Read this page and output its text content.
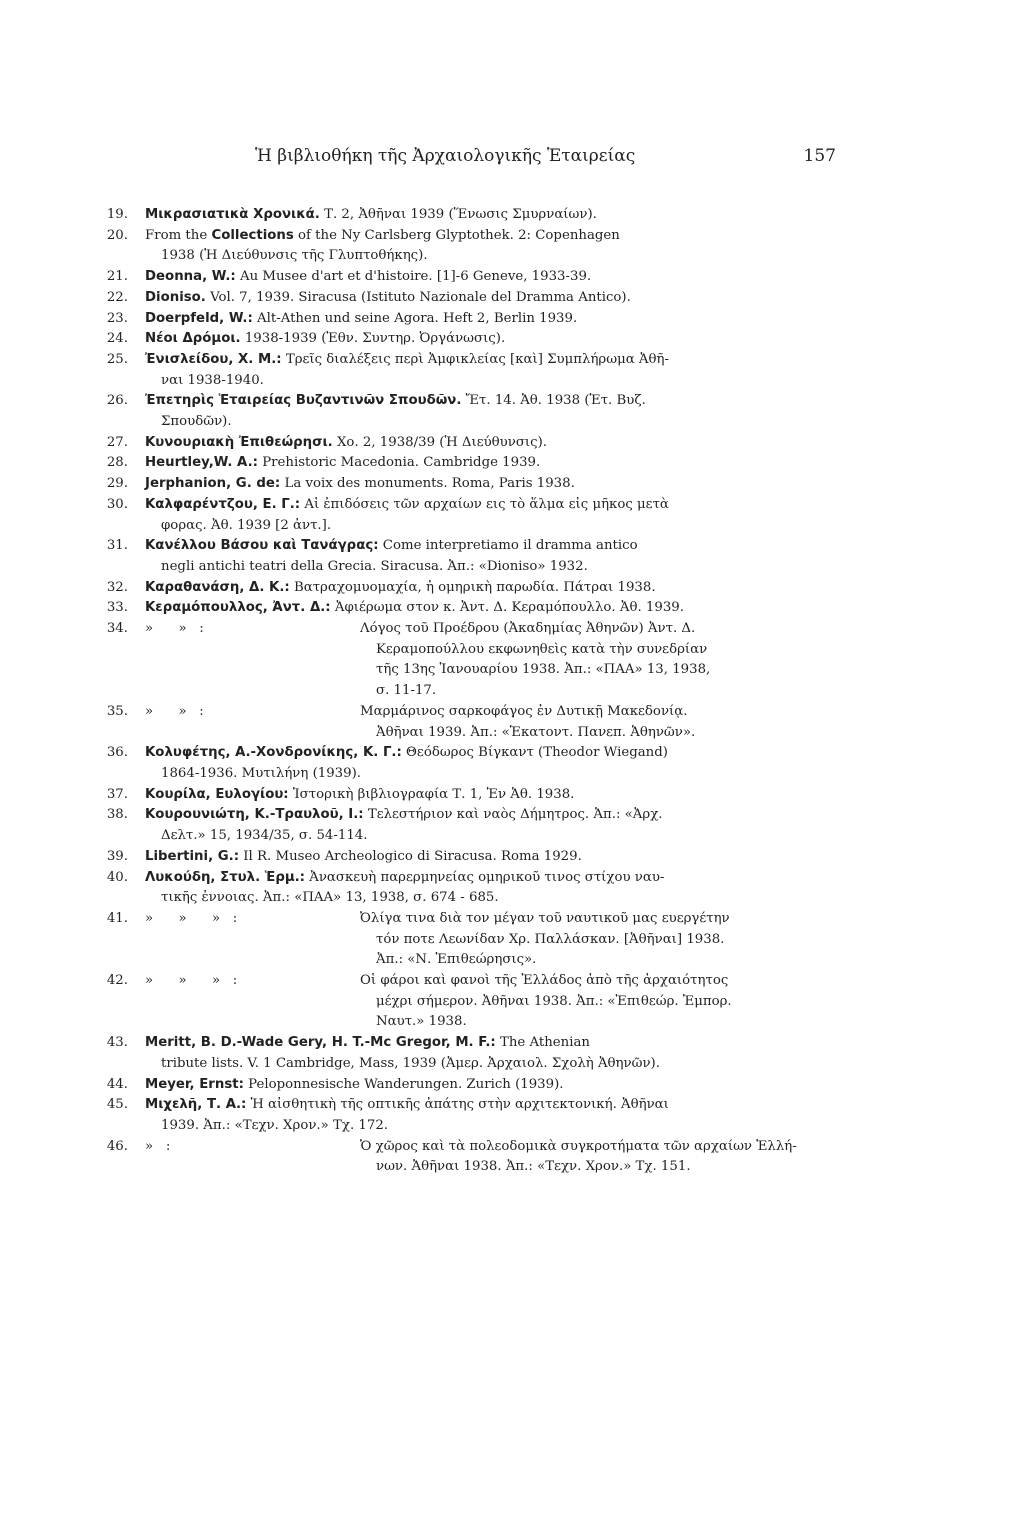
Ἡ βιβλιοθήκη τῆς Ἀρχαιολογικῆς Ἑταιρείας	157
19. Μικρασιατικὰ Χρονικά. Τ. 2, Ἀθῆναι 1939 (Ἕνωσις Σμυρναίων).
20. From the Collections of the Ny Carlsberg Glyptothek. 2: Copenhagen
1938 (Ἡ Διεύθυνσις τῆς Γλυπτοθήκης).
21. Deonna, W.: Au Musee d'art et d'histoire. [1]-6 Geneve, 1933-39.
22. Dioniso. Vol. 7, 1939. Siracusa (Istituto Nazionale del Dramma Antico).
23. Doerpfeld, W.: Alt-Athen und seine Agora. Heft 2, Berlin 1939.
24. Νέοι Δρόμοι. 1938-1939 (Ἐθν. Συντηρ. Ὀργάνωσις).
25. Ἐνισλείδου, Χ. Μ.: Τρεῖς διαλέξεις περὶ Ἀμφικλείας [καὶ] Συμπλήρωμα Ἀθῆ-
ναι 1938-1940.
26. Ἐπετηρὶς Ἑταιρείας Βυζαντινῶν Σπουδῶν. Ἔτ. 14. Ἀθ. 1938 (Ἑτ. Βυζ.
Σπουδῶν).
27. Κυνουριακὴ Ἐπιθεώρησι. Χο. 2, 1938/39 (Ἡ Διεύθυνσις).
28. Heurtley,W. A.: Prehistoric Macedonia. Cambridge 1939.
29. Jerphanion, G. de: La voix des monuments. Roma, Paris 1938.
30. Καλφαρέντζου, Ε. Γ.: Αἱ ἐπιδόσεις τῶν αρχαίων εις τὸ ἅλμα εἰς μῆκος μετὰ
φορας. Ἀθ. 1939 [2 ἀντ.].
31. Κανέλλου Βάσου καὶ Τανάγρας: Come interpretiamo il dramma antico
negli antichi teatri della Grecia. Siracusa. Ἀπ.: «Dioniso» 1932.
32. Καραθανάση, Δ. Κ.: Βατραχομυομαχία, ἡ ομηρικὴ παρωδία. Πάτραι 1938.
33. Κεραμόπουλλος, Ἀντ. Δ.: Ἀφιέρωμα στον κ. Ἀντ. Δ. Κεραμόπουλλο. Ἀθ. 1939.
34. »      »   :	Λόγος τοῦ Προέδρου (Ἀκαδημίας Ἀθηνῶν) Ἀντ. Δ.
Κεραμοπούλλου εκφωνηθεὶς κατὰ τὴν συνεδρίαν
τῆς 13ης Ἰανουαρίου 1938. Ἀπ.: «ΠΑΑ» 13, 1938,
σ. 11-17.
35. »      »   :	Μαρμάρινος σαρκοφάγος ἐν Δυτικῇ Μακεδονίᾳ.
Ἀθῆναι 1939. Ἀπ.: «Ἑκατοντ. Πανεπ. Ἀθηνῶν».
36. Κολυφέτης, Α.-Χονδρονίκης, Κ. Γ.: Θεόδωρος Βίγκαντ (Theodor Wiegand)
1864-1936. Μυτιλήνη (1939).
37. Κουρίλα, Ευλογίου: Ἱστορικὴ βιβλιογραφία Τ. 1, Ἐν Ἀθ. 1938.
38. Κουρουνιώτη, Κ.-Τραυλοῦ, Ι.: Τελεστήριον καὶ ναὸς Δήμητρος. Ἀπ.: «Ἀρχ.
Δελτ.» 15, 1934/35, σ. 54-114.
39. Libertini, G.: Il R. Museo Archeologico di Siracusa. Roma 1929.
40. Λυκούδη, Στυλ. Ἑρμ.: Ἀνασκευὴ παρερμηνείας ομηρικοῦ τινος στίχου ναυ-
τικῆς ἐννοιας. Ἀπ.: «ΠΑΑ» 13, 1938, σ. 674 - 685.
41. »      »      »   :	Ὀλίγα τινα διὰ τον μέγαν τοῦ ναυτικοῦ μας ευεργέτην
τόν ποτε Λεωνίδαν Χρ. Παλλάσκαν. [Ἀθῆναι] 1938.
Ἀπ.: «Ν. Ἐπιθεώρησις».
42. »      »      »   :	Οἱ φάροι καὶ φανοὶ τῆς Ἑλλάδος ἀπὸ τῆς ἀρχαιότητος
μέχρι σήμερον. Ἀθῆναι 1938. Ἀπ.: «Ἐπιθεώρ. Ἐμπορ.
Ναυτ.» 1938.
43. Meritt, B. D.-Wade Gery, H. T.-Mc Gregor, M. F.: The Athenian
tribute lists. V. 1 Cambridge, Mass, 1939 (Ἀμερ. Ἀρχαιολ. Σχολὴ Ἀθηνῶν).
44. Meyer, Ernst: Peloponnesische Wanderungen. Zurich (1939).
45. Μιχελῆ, Τ. Α.: Ἡ αἰσθητικὴ τῆς οπτικῆς ἀπάτης στὴν αρχιτεκτονική. Ἀθῆναι
1939. Ἀπ.: «Τεχν. Χρον.» Τχ. 172.
46. »   :	Ὁ χῶρος καὶ τὰ πολεοδομικὰ συγκροτήματα τῶν αρχαίων Ἑλλή-
νων. Ἀθῆναι 1938. Ἀπ.: «Τεχν. Χρον.» Τχ. 151.
